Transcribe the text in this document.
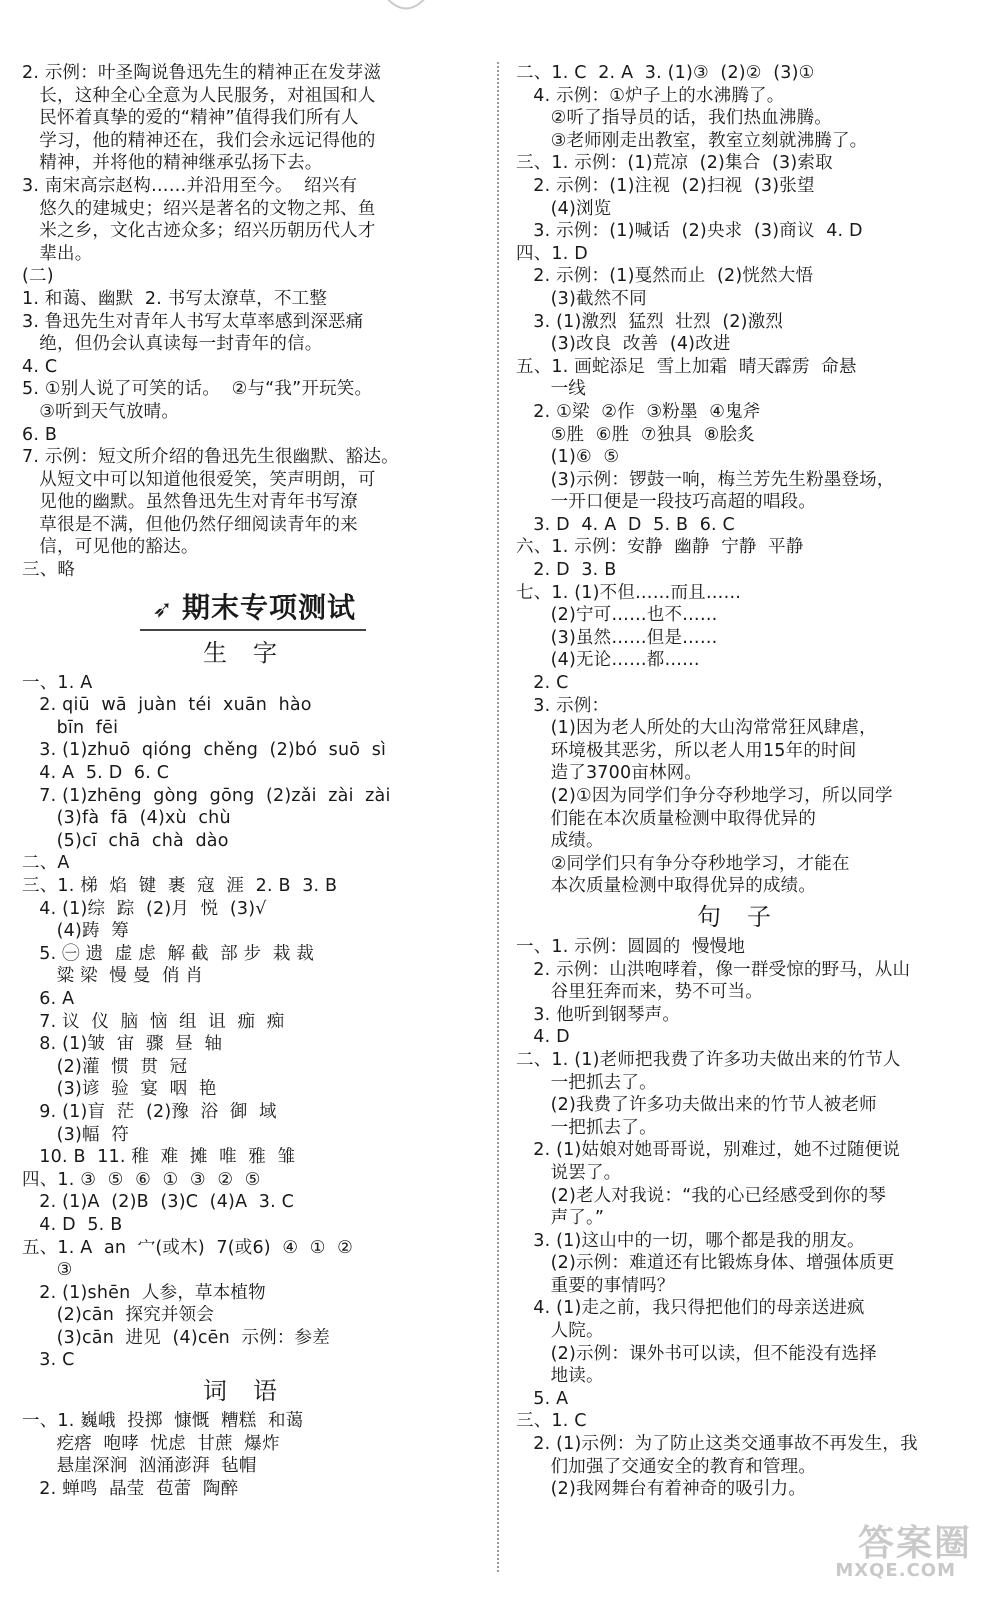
2. 示例：叶圣陶说鲁迅先生的精神正在发芽滋
长，这种全心全意为人民服务，对祖国和人
民怀着真挚的爱的“精神”值得我们所有人
学习，他的精神还在，我们会永远记得他的
精神，并将他的精神继承弘扬下去。
3. 南宋高宗赵构……并沿用至今。  绍兴有
悠久的建城史；绍兴是著名的文物之邦、鱼
米之乡，文化古迹众多；绍兴历朝历代人才
辈出。
(二)
1. 和蔼、幽默  2. 书写太潦草，不工整
3. 鲁迅先生对青年人书写太草率感到深恶痛
绝，但仍会认真读每一封青年的信。
4. C
5. ①别人说了可笑的话。  ②与“我”开玩笑。
③听到天气放晴。
6. B
7. 示例：短文所介绍的鲁迅先生很幽默、豁达。
从短文中可以知道他很爱笑，笑声明朗，可
见他的幽默。虽然鲁迅先生对青年书写潦
草很是不满，但他仍然仔细阅读青年的来
信，可见他的豁达。
三、略
➶ 期末专项测试
生字
一、1. A
2. qiū  wā  juàn  téi  xuān  hào
bīn  fēi
3. (1)zhuō  qióng  chěng  (2)bó  suō  sì
4. A  5. D  6. C
7. (1)zhēng  gòng  gōng  (2)zǎi  zài  zài
(3)fà  fā  (4)xù  chù
(5)cī  chā  chà  dào
二、A
三、1. 梯  焰  键  裹  寇  涯  2. B  3. B
4. (1)综  踪  (2)月  悦  (3)√
(4)踌  筹
5. ㊀ 遗  虚 虑  解 截  部 步  栽 裁
粱 梁  慢 曼  俏 肖
6. A
7. 议  仪  脑  恼  组  诅  痂  痴
8. (1)皱  宙  骤  昼  轴
(2)灌  惯  贯  冠
(3)谚  验  宴  咽  艳
9. (1)盲  茫  (2)豫  浴  御  域
(3)幅  符
10. B  11. 稚  难  摊  唯  雅  雏
四、1. ③  ⑤  ⑥  ①  ③  ②  ⑤
2. (1)A  (2)B  (3)C  (4)A  3. C
4. D  5. B
五、1. A  an  宀(或木)  7(或6)  ④  ①  ②
③
2. (1)shēn  人参，草本植物
(2)cān  探究并领会
(3)cān  进见  (4)cēn  示例：参差
3. C
词语
一、1. 巍峨  投掷  慷慨  糟糕  和蔼
疙瘩  咆哮  忧虑  甘蔗  爆炸
悬崖深涧  汹涌澎湃  毡帽
2. 蝉鸣  晶莹  苞蕾  陶醉
二、1. C  2. A  3. (1)③  (2)②  (3)①
4. 示例：①炉子上的水沸腾了。
②听了指导员的话，我们热血沸腾。
③老师刚走出教室，教室立刻就沸腾了。
三、1. 示例：(1)荒凉  (2)集合  (3)索取
2. 示例：(1)注视  (2)扫视  (3)张望
(4)浏览
3. 示例：(1)喊话  (2)央求  (3)商议  4. D
四、1. D
2. 示例：(1)戛然而止  (2)恍然大悟
(3)截然不同
3. (1)激烈  猛烈  壮烈  (2)激烈
(3)改良  改善  (4)改进
五、1. 画蛇添足  雪上加霜  晴天霹雳  命悬
一线
2. ①梁  ②作  ③粉墨  ④鬼斧
⑤胜  ⑥胜  ⑦独具  ⑧脍炙
(1)⑥  ⑤
(3)示例：锣鼓一响，梅兰芳先生粉墨登场，
一开口便是一段技巧高超的唱段。
3. D  4. A  D  5. B  6. C
六、1. 示例：安静  幽静  宁静  平静
2. D  3. B
七、1. (1)不但……而且……
(2)宁可……也不……
(3)虽然……但是……
(4)无论……都……
2. C
3. 示例：
(1)因为老人所处的大山沟常常狂风肆虐，
环境极其恶劣，所以老人用15年的时间
造了3700亩林网。
(2)①因为同学们争分夺秒地学习，所以同学
们能在本次质量检测中取得优异的
成绩。
②同学们只有争分夺秒地学习，才能在
本次质量检测中取得优异的成绩。
句子
一、1. 示例：圆圆的  慢慢地
2. 示例：山洪咆哮着，像一群受惊的野马，从山
谷里狂奔而来，势不可当。
3. 他听到钢琴声。
4. D
二、1. (1)老师把我费了许多功夫做出来的竹节人
一把抓去了。
(2)我费了许多功夫做出来的竹节人被老师
一把抓去了。
2. (1)姑娘对她哥哥说，别难过，她不过随便说
说罢了。
(2)老人对我说：“我的心已经感受到你的琴
声了。”
3. (1)这山中的一切，哪个都是我的朋友。
(2)示例：难道还有比锻炼身体、增强体质更
重要的事情吗？
4. (1)走之前，我只得把他们的母亲送进疯
人院。
(2)示例：课外书可以读，但不能没有选择
地读。
5. A
三、1. C
2. (1)示例：为了防止这类交通事故不再发生，我
们加强了交通安全的教育和管理。
(2)我网舞台有着神奇的吸引力。
答案圈
MXQE.COM
